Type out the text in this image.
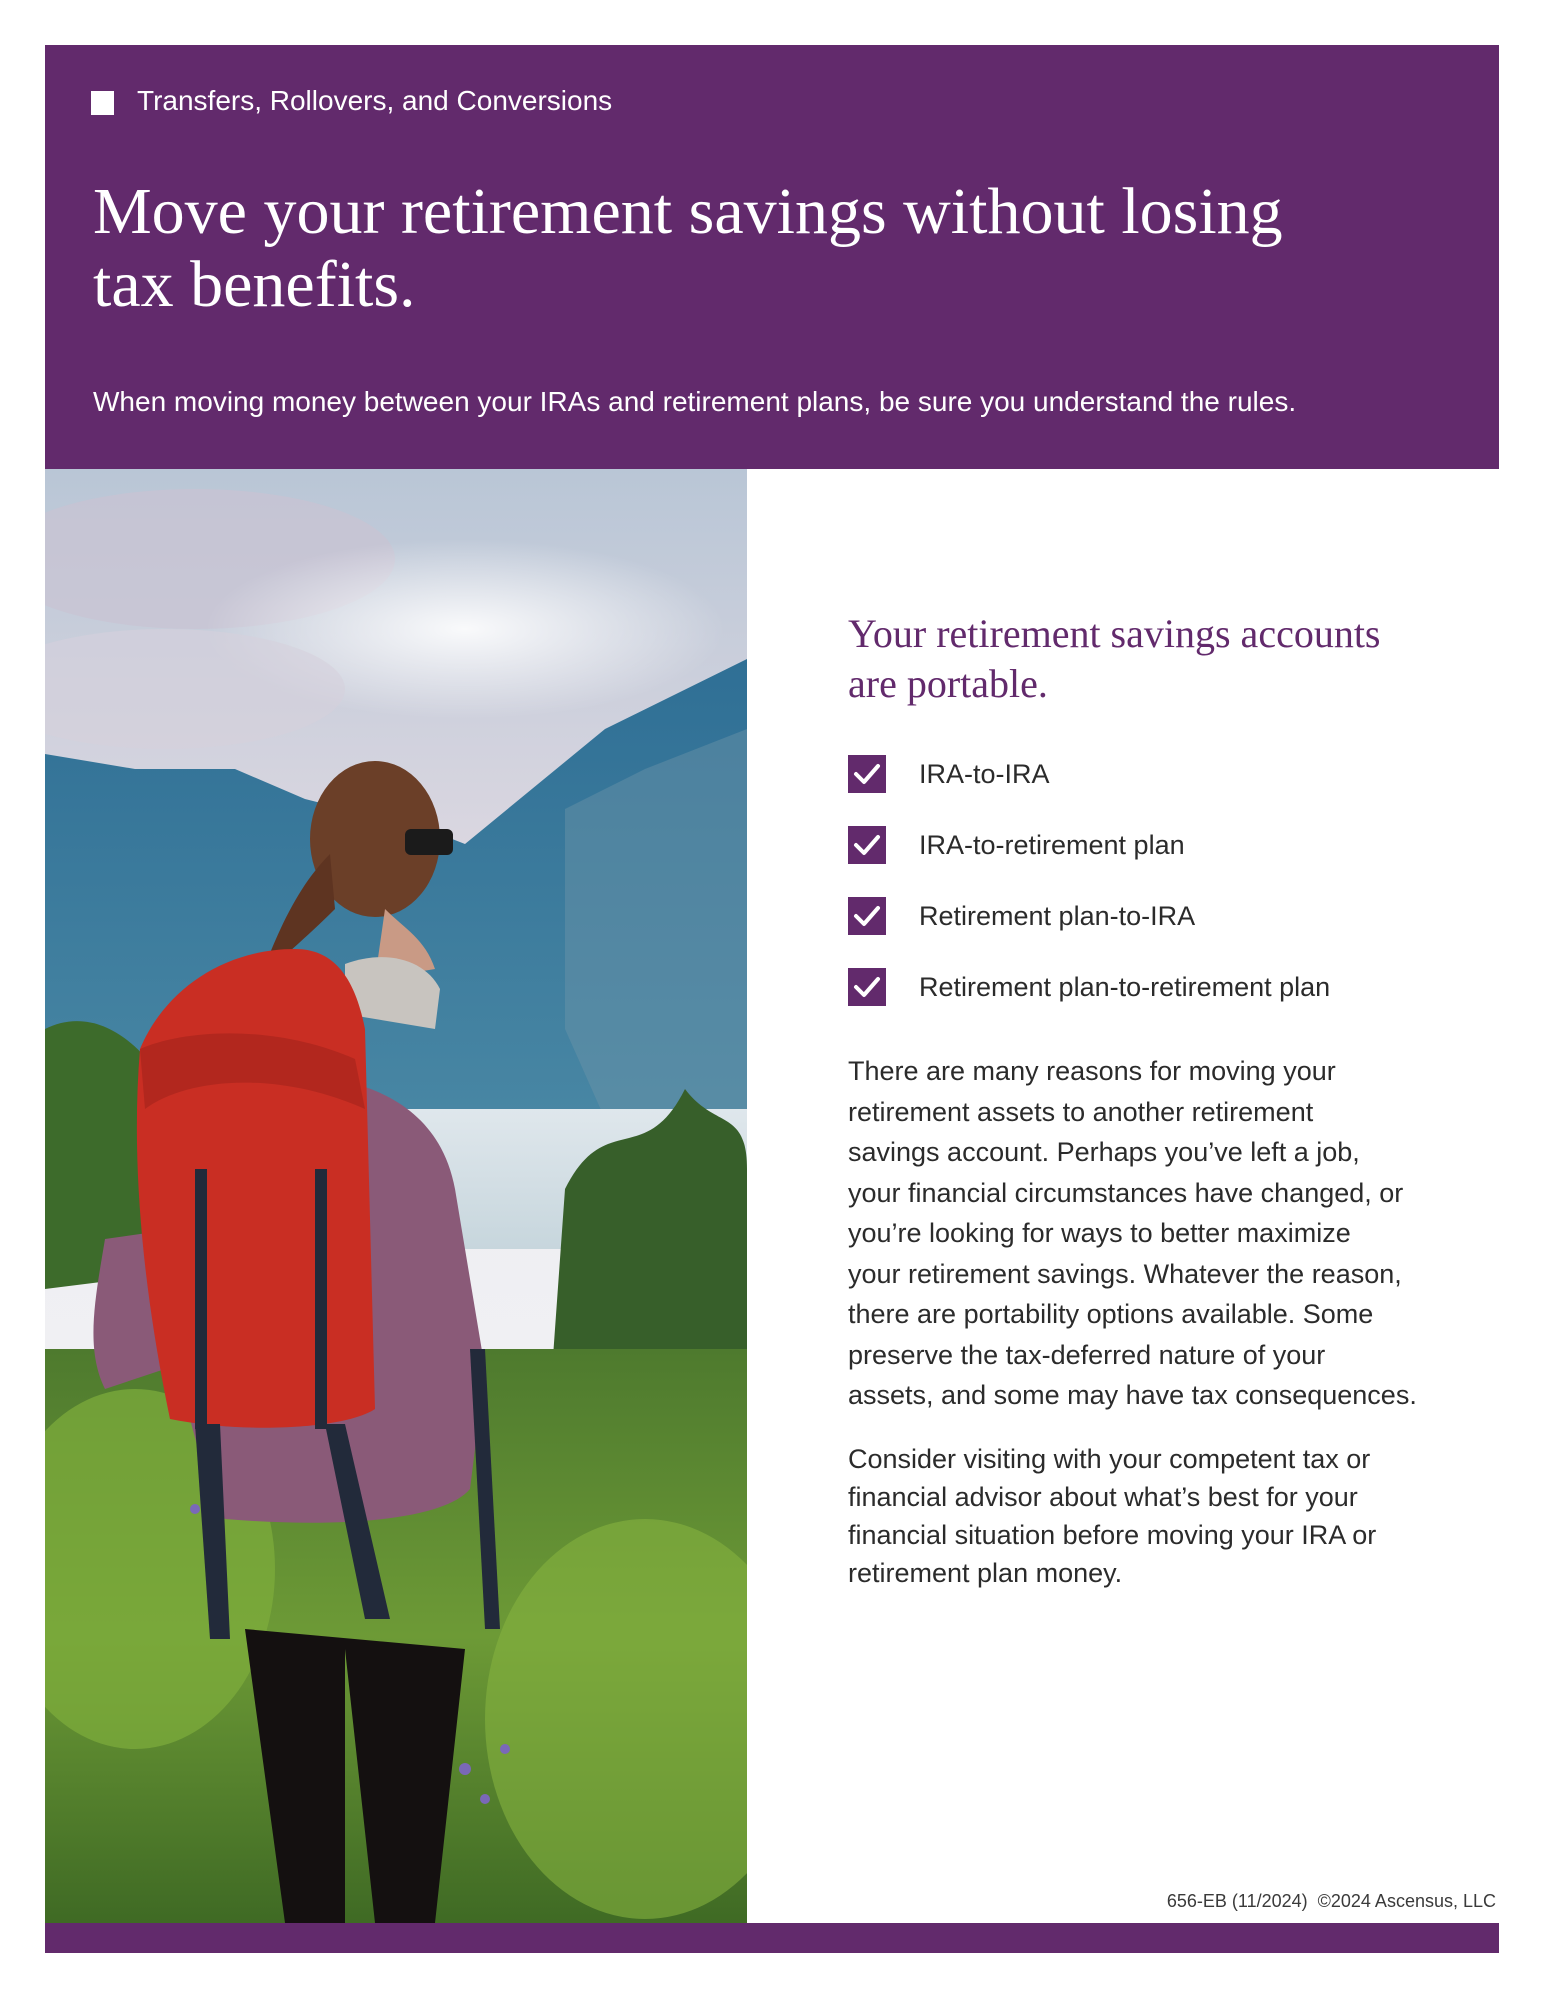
Transfers, Rollovers, and Conversions
Move your retirement savings without losing
tax benefits.
When moving money between your IRAs and retirement plans, be sure you understand the rules.
Your retirement savings accounts
are portable.
IRA-to-IRA
IRA-to-retirement plan
Retirement plan-to-IRA
Retirement plan-to-retirement plan

There are many reasons for moving your
retirement assets to another retirement
savings account. Perhaps you’ve left a job,
your financial circumstances have changed, or
you’re looking for ways to better maximize
your retirement savings. Whatever the reason,
there are portability options available. Some
preserve the tax-deferred nature of your
assets, and some may have tax consequences.

Consider visiting with your competent tax or
financial advisor about what’s best for your
financial situation before moving your IRA or
retirement plan money.

656-EB (11/2024)  ©2024 Ascensus, LLC
